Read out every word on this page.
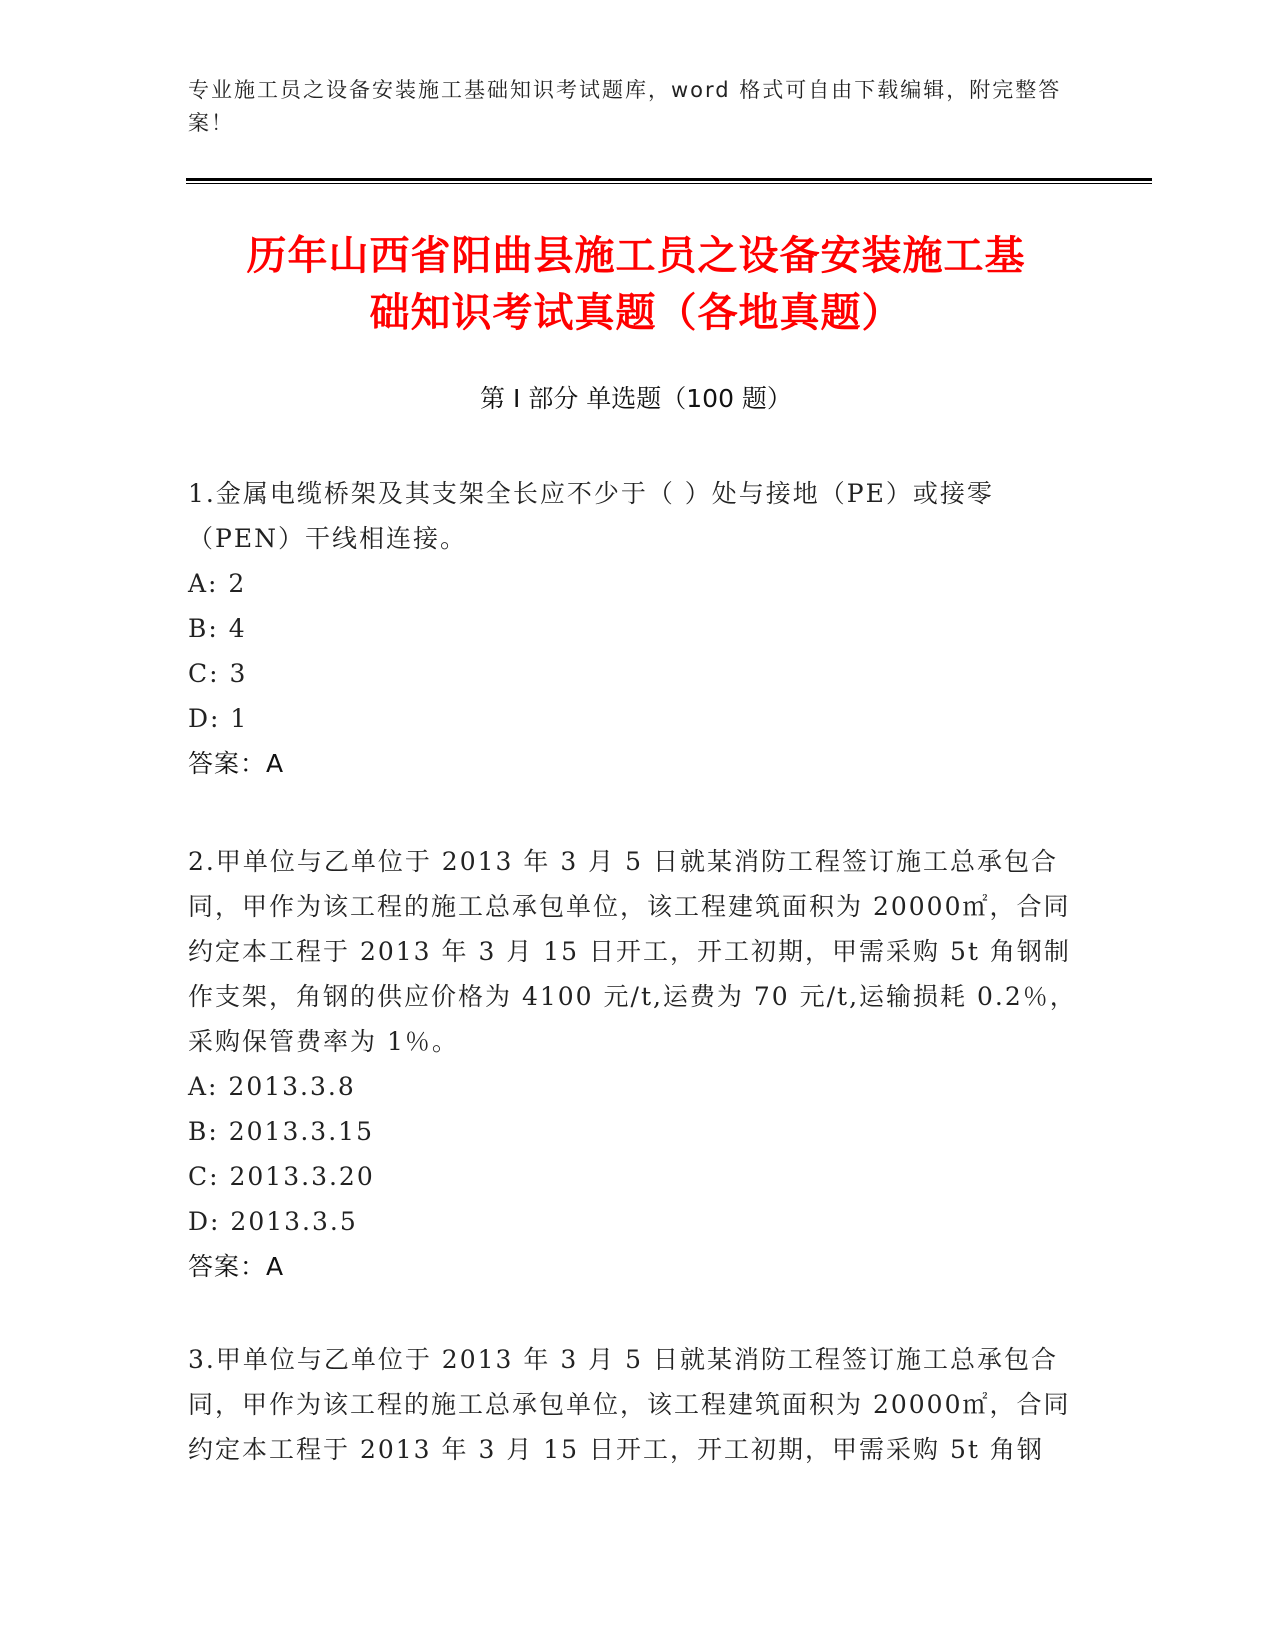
专业施工员之设备安装施工基础知识考试题库，word 格式可自由下载编辑，附完整答案！
历年山西省阳曲县施工员之设备安装施工基
础知识考试真题（各地真题）
第 I 部分 单选题（100 题）
1.金属电缆桥架及其支架全长应不少于（ ）处与接地（PE）或接零（PEN）干线相连接。
A: 2
B: 4
C: 3
D: 1
答案：A
2.甲单位与乙单位于 2013 年 3 月 5 日就某消防工程签订施工总承包合同，甲作为该工程的施工总承包单位，该工程建筑面积为 20000㎡，合同约定本工程于 2013 年 3 月 15 日开工，开工初期，甲需采购 5t 角钢制作支架，角钢的供应价格为 4100 元/t,运费为 70 元/t,运输损耗 0.2％，采购保管费率为 1％。
A: 2013.3.8
B: 2013.3.15
C: 2013.3.20
D: 2013.3.5
答案：A
3.甲单位与乙单位于 2013 年 3 月 5 日就某消防工程签订施工总承包合同，甲作为该工程的施工总承包单位，该工程建筑面积为 20000㎡，合同约定本工程于 2013 年 3 月 15 日开工，开工初期，甲需采购 5t 角钢
